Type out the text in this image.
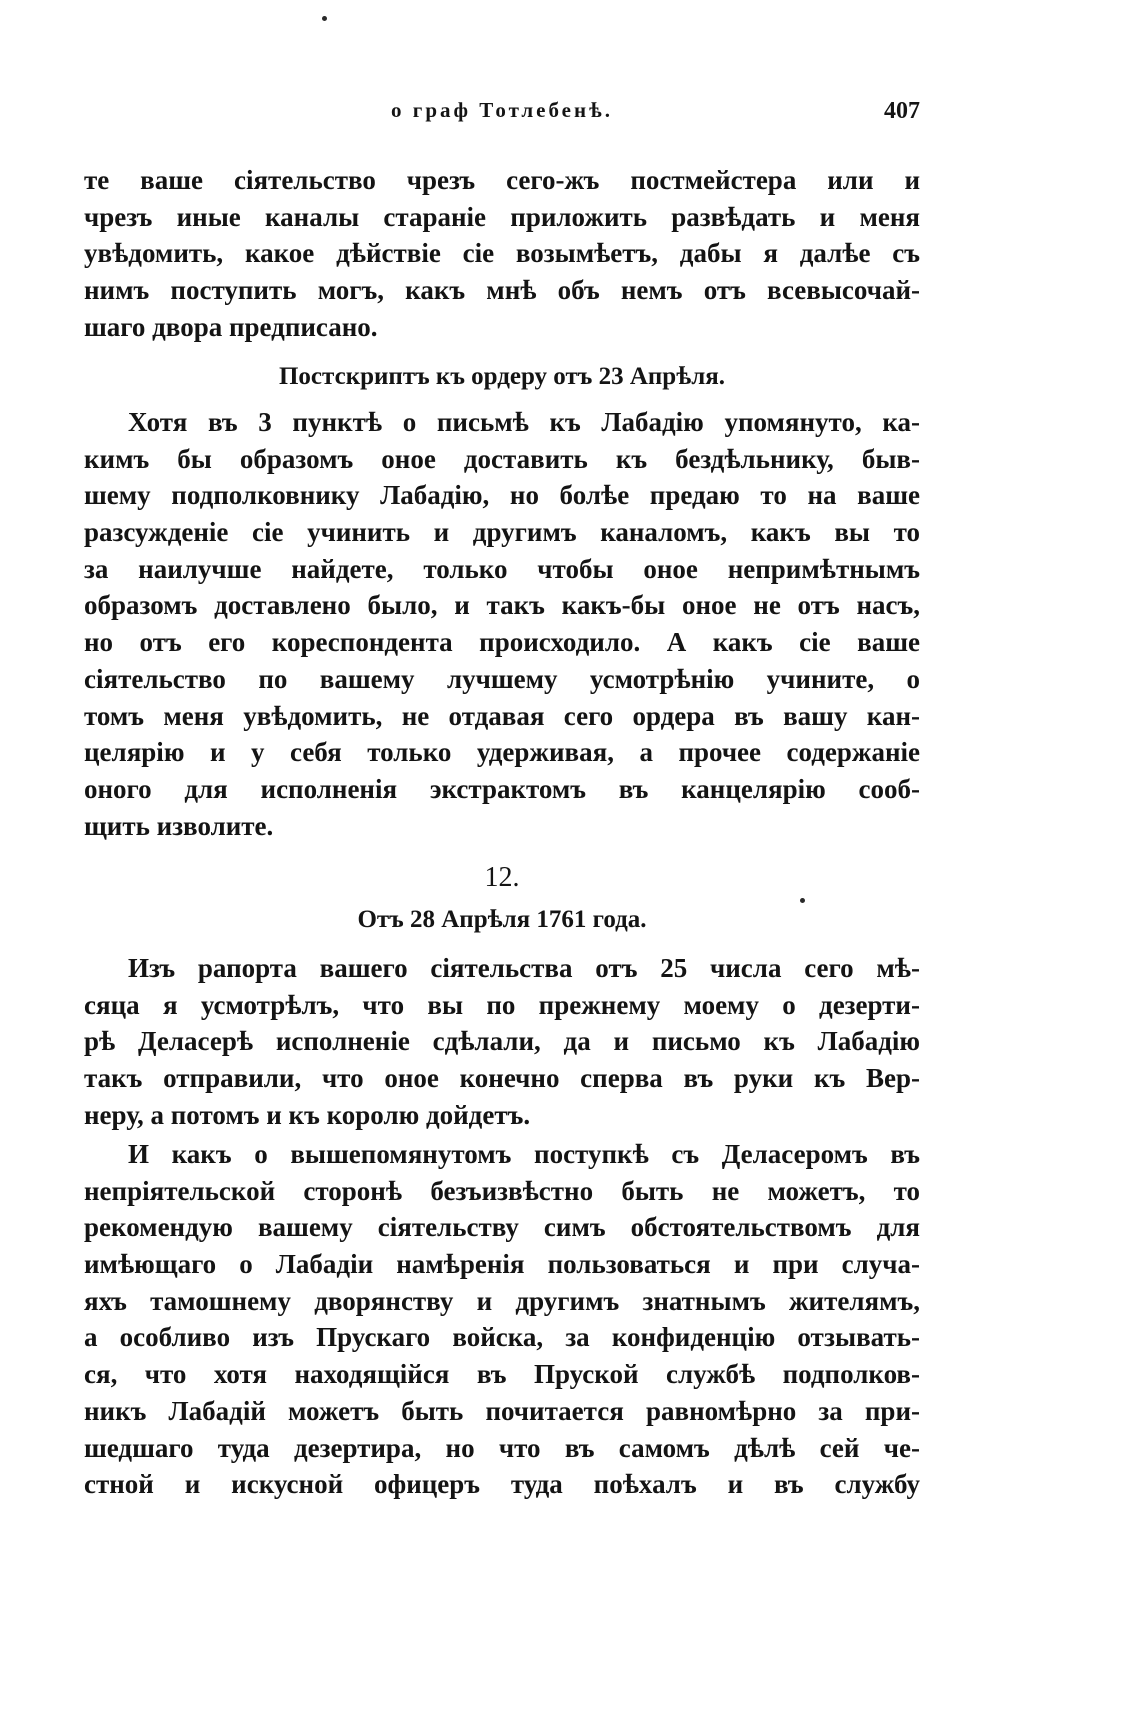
о граф Тотлебенѣ.	407
те ваше сіятельство чрезъ сего-жъ постмейстера или и
чрезъ иные каналы стараніе приложить развѣдать и меня
увѣдомить, какое дѣйствіе сіе возымѣетъ, дабы я далѣе съ
нимъ поступить могъ, какъ мнѣ объ немъ отъ всевысочай-
шаго двора предписано.
Постскриптъ къ ордеру отъ 23 Апрѣля.
Хотя въ 3 пунктѣ о письмѣ къ Лабадію упомянуто, ка-
кимъ бы образомъ оное доставить къ бездѣльнику, быв-
шему подполковнику Лабадію, но болѣе предаю то на ваше
разсужденіе сіе учинить и другимъ каналомъ, какъ вы то
за наилучше найдете, только чтобы оное непримѣтнымъ
образомъ доставлено было, и такъ какъ-бы оное не отъ насъ,
но отъ его кореспондента происходило. А какъ сіе ваше
сіятельство по вашему лучшему усмотрѣнію учините, о
томъ меня увѣдомить, не отдавая сего ордера въ вашу кан-
целярію и у себя только удерживая, а прочее содержаніе
оного для исполненія экстрактомъ въ канцелярію сооб-
щить изволите.
12.
Отъ 28 Апрѣля 1761 года.
Изъ рапорта вашего сіятельства отъ 25 числа сего мѣ-
сяца я усмотрѣлъ, что вы по прежнему моему о дезерти-
рѣ Деласерѣ исполненіе сдѣлали, да и письмо къ Лабадію
такъ отправили, что оное конечно сперва въ руки къ Вер-
неру, а потомъ и къ королю дойдетъ.
И какъ о вышепомянутомъ поступкѣ съ Деласеромъ въ
непріятельской сторонѣ безъизвѣстно быть не можетъ, то
рекомендую вашему сіятельству симъ обстоятельствомъ для
имѣющаго о Лабадіи намѣренія пользоваться и при случа-
яхъ тамошнему дворянству и другимъ знатнымъ жителямъ,
а особливо изъ Прускаго войска, за конфиденцію отзывать-
ся, что хотя находящійся въ Пруской службѣ подполков-
никъ Лабадій можетъ быть почитается равномѣрно за при-
шедшаго туда дезертира, но что въ самомъ дѣлѣ сей че-
стной и искусной офицеръ туда поѣхалъ и въ службу
